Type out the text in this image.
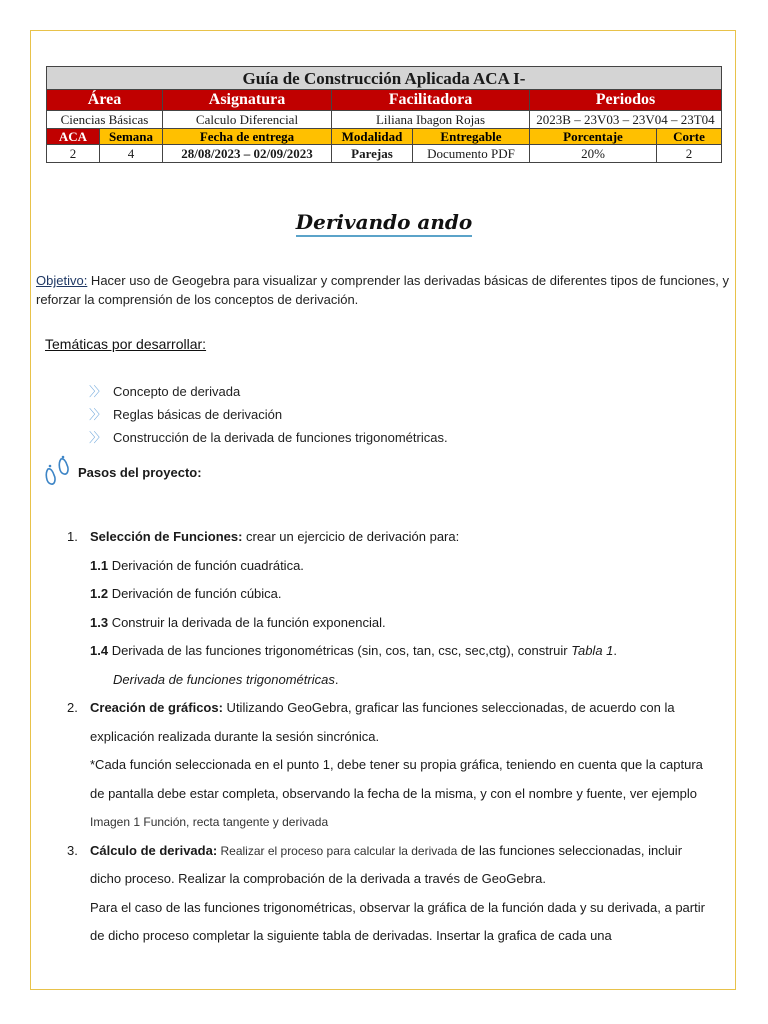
Guía de Construcción Aplicada ACA I-						
Área		Asignatura	Facilitadora		Periodos	
Ciencias Básicas		Calculo Diferencial	Liliana Ibagon Rojas		2023B – 23V03 – 23V04 – 23T04	
ACA	Semana	Fecha de entrega	Modalidad	Entregable	Porcentaje	Corte
2	4	28/08/2023 – 02/09/2023	Parejas	Documento PDF	20%	2
Derivando ando
Objetivo: Hacer uso de Geogebra para visualizar y comprender las derivadas básicas de diferentes tipos de funciones, y reforzar la comprensión de los conceptos de derivación.
Temáticas por desarrollar:
〉〉 Concepto de derivada
〉〉 Reglas básicas de derivación
〉〉 Construcción de la derivada de funciones trigonométricas.
Pasos del proyecto:
1. Selección de Funciones: crear un ejercicio de derivación para:
1.1 Derivación de función cuadrática.
1.2 Derivación de función cúbica.
1.3 Construir la derivada de la función exponencial.
1.4 Derivada de las funciones trigonométricas (sin, cos, tan, csc, sec,ctg), construir Tabla 1.
Derivada de funciones trigonométricas.
2. Creación de gráficos: Utilizando GeoGebra, graficar las funciones seleccionadas, de acuerdo con la explicación realizada durante la sesión sincrónica.
*Cada función seleccionada en el punto 1, debe tener su propia gráfica, teniendo en cuenta que la captura de pantalla debe estar completa, observando la fecha de la misma, y con el nombre y fuente, ver ejemplo Imagen 1 Función, recta tangente y derivada
3. Cálculo de derivada: Realizar el proceso para calcular la derivada de las funciones seleccionadas, incluir dicho proceso. Realizar la comprobación de la derivada a través de GeoGebra.
Para el caso de las funciones trigonométricas, observar la gráfica de la función dada y su derivada, a partir de dicho proceso completar la siguiente tabla de derivadas. Insertar la grafica de cada una
